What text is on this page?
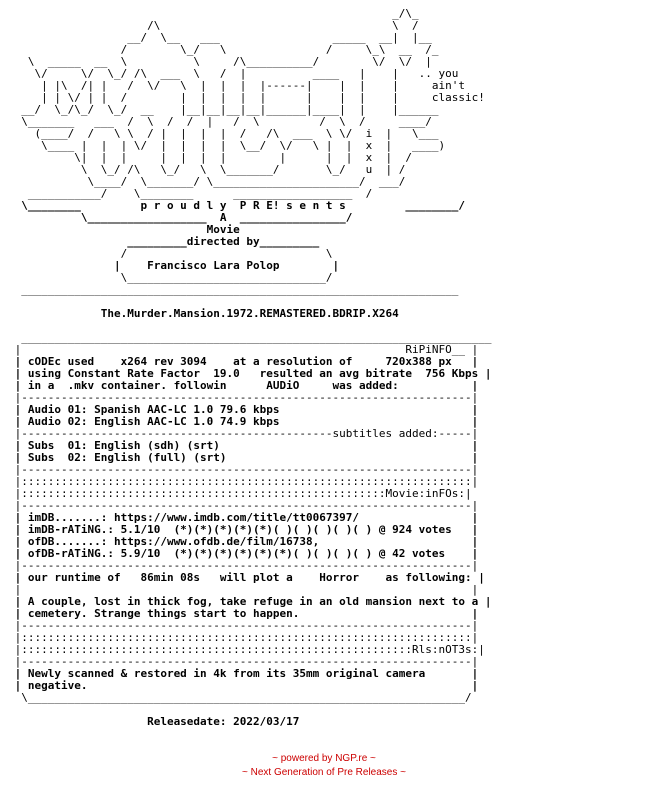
_/\_
/\                                   \  /
__/  \__   ___                 _____  __|  |__
/        \_/   \               /     \_\  __  /_
\  _____  __  \          \     /\__________/        \/  \/  |
\/     \/  \_/ /\  ___  \   /  |          ____   |    |   .. you
| |\  /| |   /  \/   \  |  |  |  |------|    |  |    |     ain't
| | \/ | |  /        |  |  |  |  |      |    |  |    |     classic!
__/  \_/\_/  \_/  __    |__|__|__|__|______|____|  |    |______
\_______   ___  /  \  /  /  |   /  \         /  \  /     ____/
(____/  /   \ \  / |  |  |  |  /   /\  ___  \ \/  i  |   \___
\____ |  |  | \/  |  |  |  |  \__/  \/   \ |  |  x  |   ____)
\|  |  |     |  |  |  |        |      |  |  x  |  /
\  \_/ /\   \_/   \  \_______/       \_/   u  | /
\____/  \_______/ \______________________/  ___/
___________/    \________      __________________  /
\________         p r o u d l y  P R E! s e n t s         ________/
\__________________  A  ________________/
Movie
_________directed by_________
/                              \
|    Francisco Lara Polop        |
\______________________________/
__________________________________________________________________
The.Murder.Mansion.1972.REMASTERED.BDRIP.X264
_______________________________________________________________________
|                                                          RiPiNFO__ |
| cODEc used    x264 rev 3094    at a resolution of     720x388 px   |
| using Constant Rate Factor  19.0   resulted an avg bitrate  756 Kbps |
| in a  .mkv container. followin      AUDiO     was added:           |
|--------------------------------------------------------------------|
| Audio 01: Spanish AAC-LC 1.0 79.6 kbps                             |
| Audio 02: English AAC-LC 1.0 74.9 kbps                             |
|-----------------------------------------------subtitles added:-----|
| Subs  01: English (sdh) (srt)                                      |
| Subs  02: English (full) (srt)                                     |
|--------------------------------------------------------------------|
|::::::::::::::::::::::::::::::::::::::::::::::::::::::::::::::::::::|
|:::::::::::::::::::::::::::::::::::::::::::::::::::::::Movie:inFOs:|
|--------------------------------------------------------------------|
| imDB.......: https://www.imdb.com/title/tt0067397/                 |
| imDB-rATiNG.: 5.1/10  (*)(*)(*)(*)(*)( )( )( )( )( ) @ 924 votes   |
| ofDB.......: https://www.ofdb.de/film/16738,                       |
| ofDB-rATiNG.: 5.9/10  (*)(*)(*)(*)(*)(*)( )( )( )( ) @ 42 votes    |
|--------------------------------------------------------------------|
| our runtime of   86min 08s   will plot a    Horror    as following: |
|                                                                    |
| A couple, lost in thick fog, take refuge in an old mansion next to a |
| cemetery. Strange things start to happen.                          |
|--------------------------------------------------------------------|
|::::::::::::::::::::::::::::::::::::::::::::::::::::::::::::::::::::|
|:::::::::::::::::::::::::::::::::::::::::::::::::::::::::::Rls:nOT3s:|
|--------------------------------------------------------------------|
| Newly scanned & restored in 4k from its 35mm original camera       |
| negative.                                                          |
\__________________________________________________________________/
Releasedate: 2022/03/17
~ powered by NGP.re ~
~ Next Generation of Pre Releases ~
